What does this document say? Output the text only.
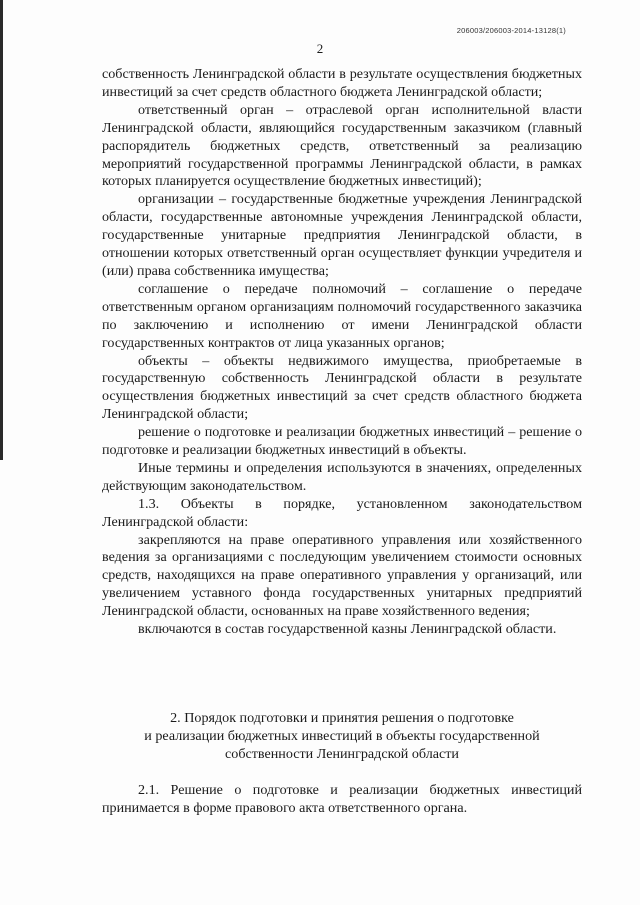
206003/206003-2014-13128(1)
2

собственность Ленинградской области в результате осуществления бюджетных инвестиций за счет средств областного бюджета Ленинградской области;

ответственный орган – отраслевой орган исполнительной власти Ленинградской области, являющийся государственным заказчиком (главный распорядитель бюджетных средств, ответственный за реализацию мероприятий государственной программы Ленинградской области, в рамках которых планируется осуществление бюджетных инвестиций);

организации – государственные бюджетные учреждения Ленинградской области, государственные автономные учреждения Ленинградской области, государственные унитарные предприятия Ленинградской области, в отношении которых ответственный орган осуществляет функции учредителя и (или) права собственника имущества;

соглашение о передаче полномочий – соглашение о передаче ответственным органом организациям полномочий государственного заказчика по заключению и исполнению от имени Ленинградской области государственных контрактов от лица указанных органов;

объекты – объекты недвижимого имущества, приобретаемые в государственную собственность Ленинградской области в результате осуществления бюджетных инвестиций за счет средств областного бюджета Ленинградской области;

решение о подготовке и реализации бюджетных инвестиций – решение о подготовке и реализации бюджетных инвестиций в объекты.

Иные термины и определения используются в значениях, определенных действующим законодательством.

1.3. Объекты в порядке, установленном законодательством Ленинградской области:

закрепляются на праве оперативного управления или хозяйственного ведения за организациями с последующим увеличением стоимости основных средств, находящихся на праве оперативного управления у организаций, или увеличением уставного фонда государственных унитарных предприятий Ленинградской области, основанных на праве хозяйственного ведения;

включаются в состав государственной казны Ленинградской области.

2. Порядок подготовки и принятия решения о подготовке
и реализации бюджетных инвестиций в объекты государственной
собственности Ленинградской области

2.1. Решение о подготовке и реализации бюджетных инвестиций принимается в форме правового акта ответственного органа.
